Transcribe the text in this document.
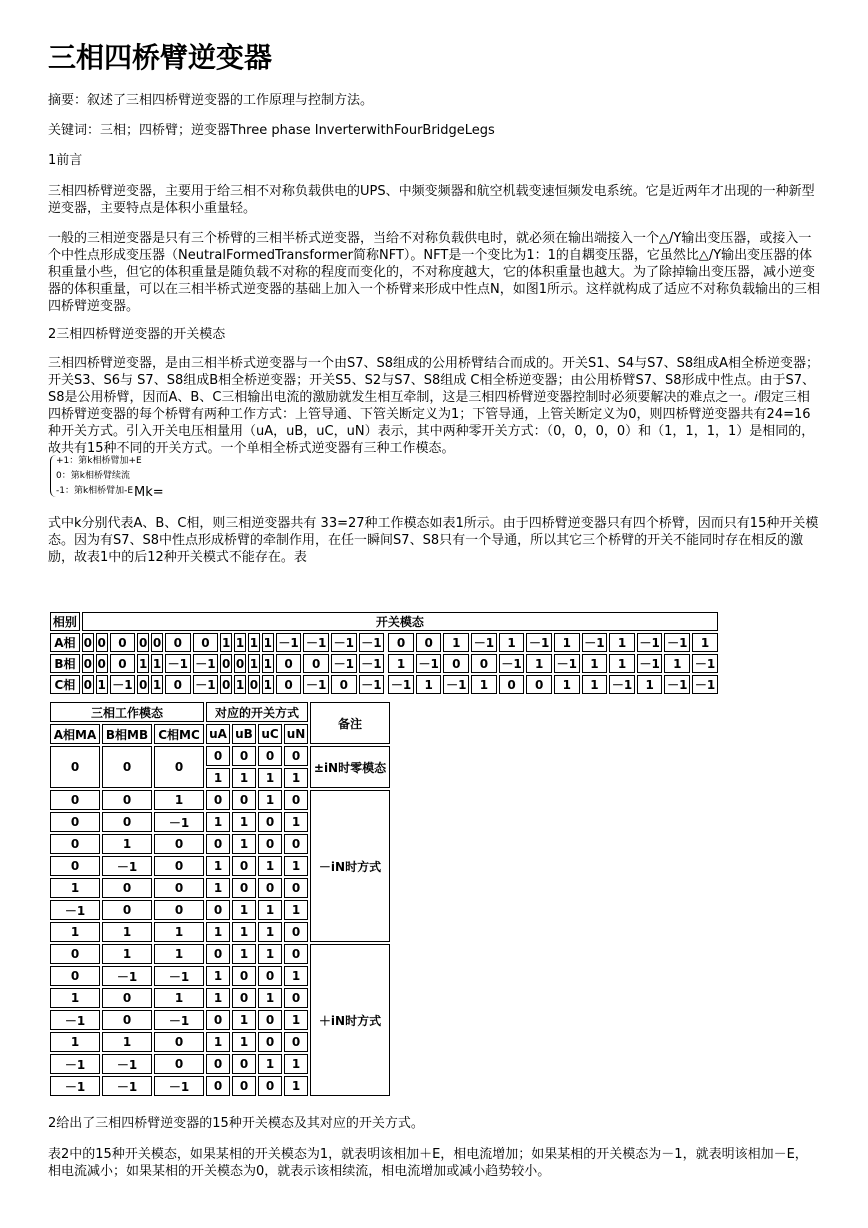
三相四桥臂逆变器

摘要：叙述了三相四桥臂逆变器的工作原理与控制方法。

关键词：三相；四桥臂；逆变器Three phase InverterwithFourBridgeLegs

1前言

三相四桥臂逆变器，主要用于给三相不对称负载供电的UPS、中频变频器和航空机载变速恒频发电系统。它是近两年才出现的一种新型逆变器，主要特点是体积小重量轻。

一般的三相逆变器是只有三个桥臂的三相半桥式逆变器，当给不对称负载供电时，就必须在输出端接入一个△/Y输出变压器，或接入一个中性点形成变压器（NeutralFormedTransformer简称NFT）。NFT是一个变比为1：1的自耦变压器，它虽然比△/Y输出变压器的体积重量小些，但它的体积重量是随负载不对称的程度而变化的，不对称度越大，它的体积重量也越大。为了除掉输出变压器，减小逆变器的体积重量，可以在三相半桥式逆变器的基础上加入一个桥臂来形成中性点N，如图1所示。这样就构成了适应不对称负载输出的三相四桥臂逆变器。

2三相四桥臂逆变器的开关模态

三相四桥臂逆变器，是由三相半桥式逆变器与一个由S7、S8组成的公用桥臂结合而成的。开关S1、S4与S7、S8组成A相全桥逆变器；开关S3、S6与 S7、S8组成B相全桥逆变器；开关S5、S2与S7、S8组成 C相全桥逆变器；由公用桥臂S7、S8形成中性点。由于S7、S8是公用桥臂，因而A、B、C三相输出电流的激励就发生相互牵制，这是三相四桥臂逆变器控制时必须要解决的难点之一。𝑖假定三相四桥臂逆变器的每个桥臂有两种工作方式：上管导通、下管关断定义为1；下管导通，上管关断定义为0，则四桥臂逆变器共有24=16种开关方式。引入开关电压相量用（uA，uB，uC，uN）表示，其中两种零开关方式：（0，0，0，0）和（1，1，1，1）是相同的，故共有15种不同的开关方式。一个单相全桥式逆变器有三种工作模态。

+1：第k相桥臂加+E
0：第k相桥臂续流
-1：第k相桥臂加-E Mk=

式中k分别代表A、B、C相，则三相逆变器共有 33=27种工作模态如表1所示。由于四桥臂逆变器只有四个桥臂，因而只有15种开关模态。因为有S7、S8中性点形成桥臂的牵制作用，在任一瞬间S7、S8只有一个导通，所以其它三个桥臂的开关不能同时存在相反的激励，故表1中的后12种开关模式不能存在。表

相别	开关模态																											
A相	0	0	0	0	0	0	0	1	1	1	1	－1	－1	－1	－1		0	0	1	－1	1	－1	1	－1	1	－1	－1	1
B相	0	0	0	1	1	－1	－1	0	0	1	1	0	0	－1	－1		1	－1	0	0	－1	1	－1	1	1	－1	1	－1
C相	0	1	－1	0	1	0	－1	0	1	0	1	0	－1	0	－1		－1	1	－1	1	0	0	1	1	－1	1	－1	－1
三相工作模态			对应的开关方式				备注
A相MA	B相MB	C相MC	uA	uB	uC	uN	
0	0	0	0	0	0	0	±iN时零模态
			1	1	1	1	
0	0	1	0	0	1	0	－iN时方式
0	0	－1	1	1	0	1	
0	1	0	0	1	0	0	
0	－1	0	1	0	1	1	
1	0	0	1	0	0	0	
－1	0	0	0	1	1	1	
1	1	1	1	1	1	0	
0	1	1	0	1	1	0	＋iN时方式
0	－1	－1	1	0	0	1	
1	0	1	1	0	1	0	
－1	0	－1	0	1	0	1	
1	1	0	1	1	0	0	
－1	－1	0	0	0	1	1	
－1	－1	－1	0	0	0	1	

2给出了三相四桥臂逆变器的15种开关模态及其对应的开关方式。

表2中的15种开关模态，如果某相的开关模态为1，就表明该相加＋E，相电流增加；如果某相的开关模态为－1，就表明该相加－E，相电流减小；如果某相的开关模态为0，就表示该相续流，相电流增加或减小趋势较小。
